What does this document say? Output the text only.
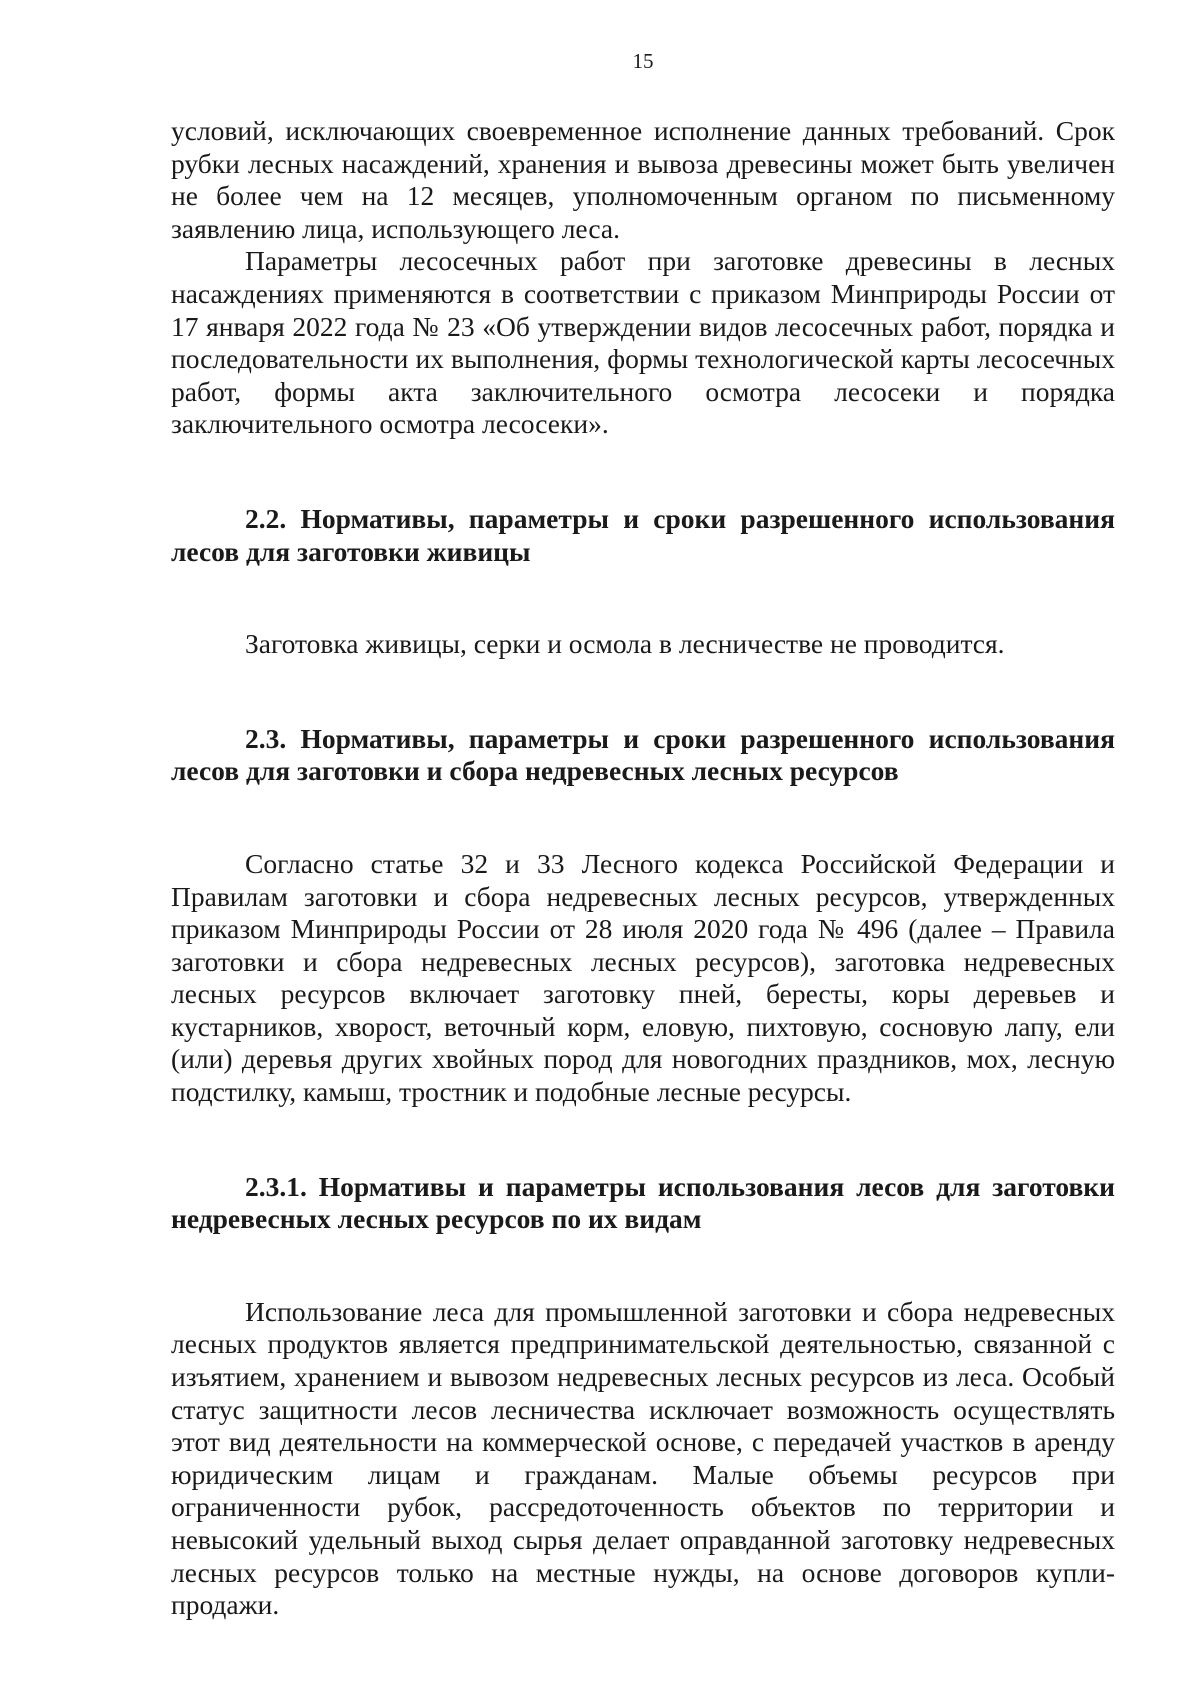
15

условий, исключающих своевременное исполнение данных требований. Срок рубки лесных насаждений, хранения и вывоза древесины может быть увеличен не более чем на 12 месяцев, уполномоченным органом по письменному заявлению лица, использующего леса.

Параметры лесосечных работ при заготовке древесины в лесных насаждениях применяются в соответствии с приказом Минприроды России от 17 января 2022 года № 23 «Об утверждении видов лесосечных работ, порядка и последовательности их выполнения, формы технологической карты лесосечных работ, формы акта заключительного осмотра лесосеки и порядка заключительного осмотра лесосеки».

2.2. Нормативы, параметры и сроки разрешенного использования лесов для заготовки живицы

Заготовка живицы, серки и осмола в лесничестве не проводится.

2.3. Нормативы, параметры и сроки разрешенного использования лесов для заготовки и сбора недревесных лесных ресурсов

Согласно статье 32 и 33 Лесного кодекса Российской Федерации и Правилам заготовки и сбора недревесных лесных ресурсов, утвержденных приказом Минприроды России от 28 июля 2020 года № 496 (далее – Правила заготовки и сбора недревесных лесных ресурсов), заготовка недревесных лесных ресурсов включает заготовку пней, бересты, коры деревьев и кустарников, хворост, веточный корм, еловую, пихтовую, сосновую лапу, ели (или) деревья других хвойных пород для новогодних праздников, мох, лесную подстилку, камыш, тростник и подобные лесные ресурсы.

2.3.1. Нормативы и параметры использования лесов для заготовки недревесных лесных ресурсов по их видам

Использование леса для промышленной заготовки и сбора недревесных лесных продуктов является предпринимательской деятельностью, связанной с изъятием, хранением и вывозом недревесных лесных ресурсов из леса. Особый статус защитности лесов лесничества исключает возможность осуществлять этот вид деятельности на коммерческой основе, с передачей участков в аренду юридическим лицам и гражданам. Малые объемы ресурсов при ограниченности рубок, рассредоточенность объектов по территории и невысокий удельный выход сырья делает оправданной заготовку недревесных лесных ресурсов только на местные нужды, на основе договоров купли-продажи.
